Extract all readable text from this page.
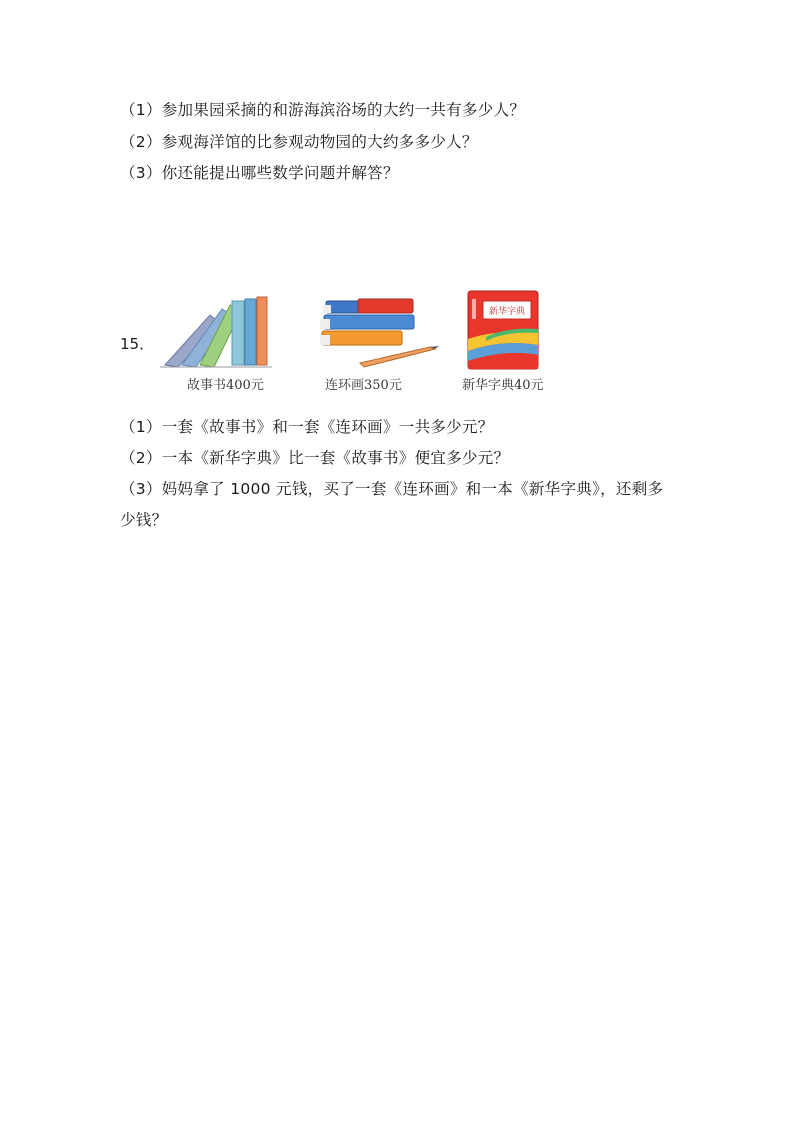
（1）参加果园采摘的和游海滨浴场的大约一共有多少人？
（2）参观海洋馆的比参观动物园的大约多多少人？
（3）你还能提出哪些数学问题并解答？
15．
故事书400元	连环画350元
新华字典
新华字典40元
（1）一套《故事书》和一套《连环画》一共多少元？
（2）一本《新华字典》比一套《故事书》便宜多少元？
（3）妈妈拿了 1000 元钱，买了一套《连环画》和一本《新华字典》，还剩多
少钱？
